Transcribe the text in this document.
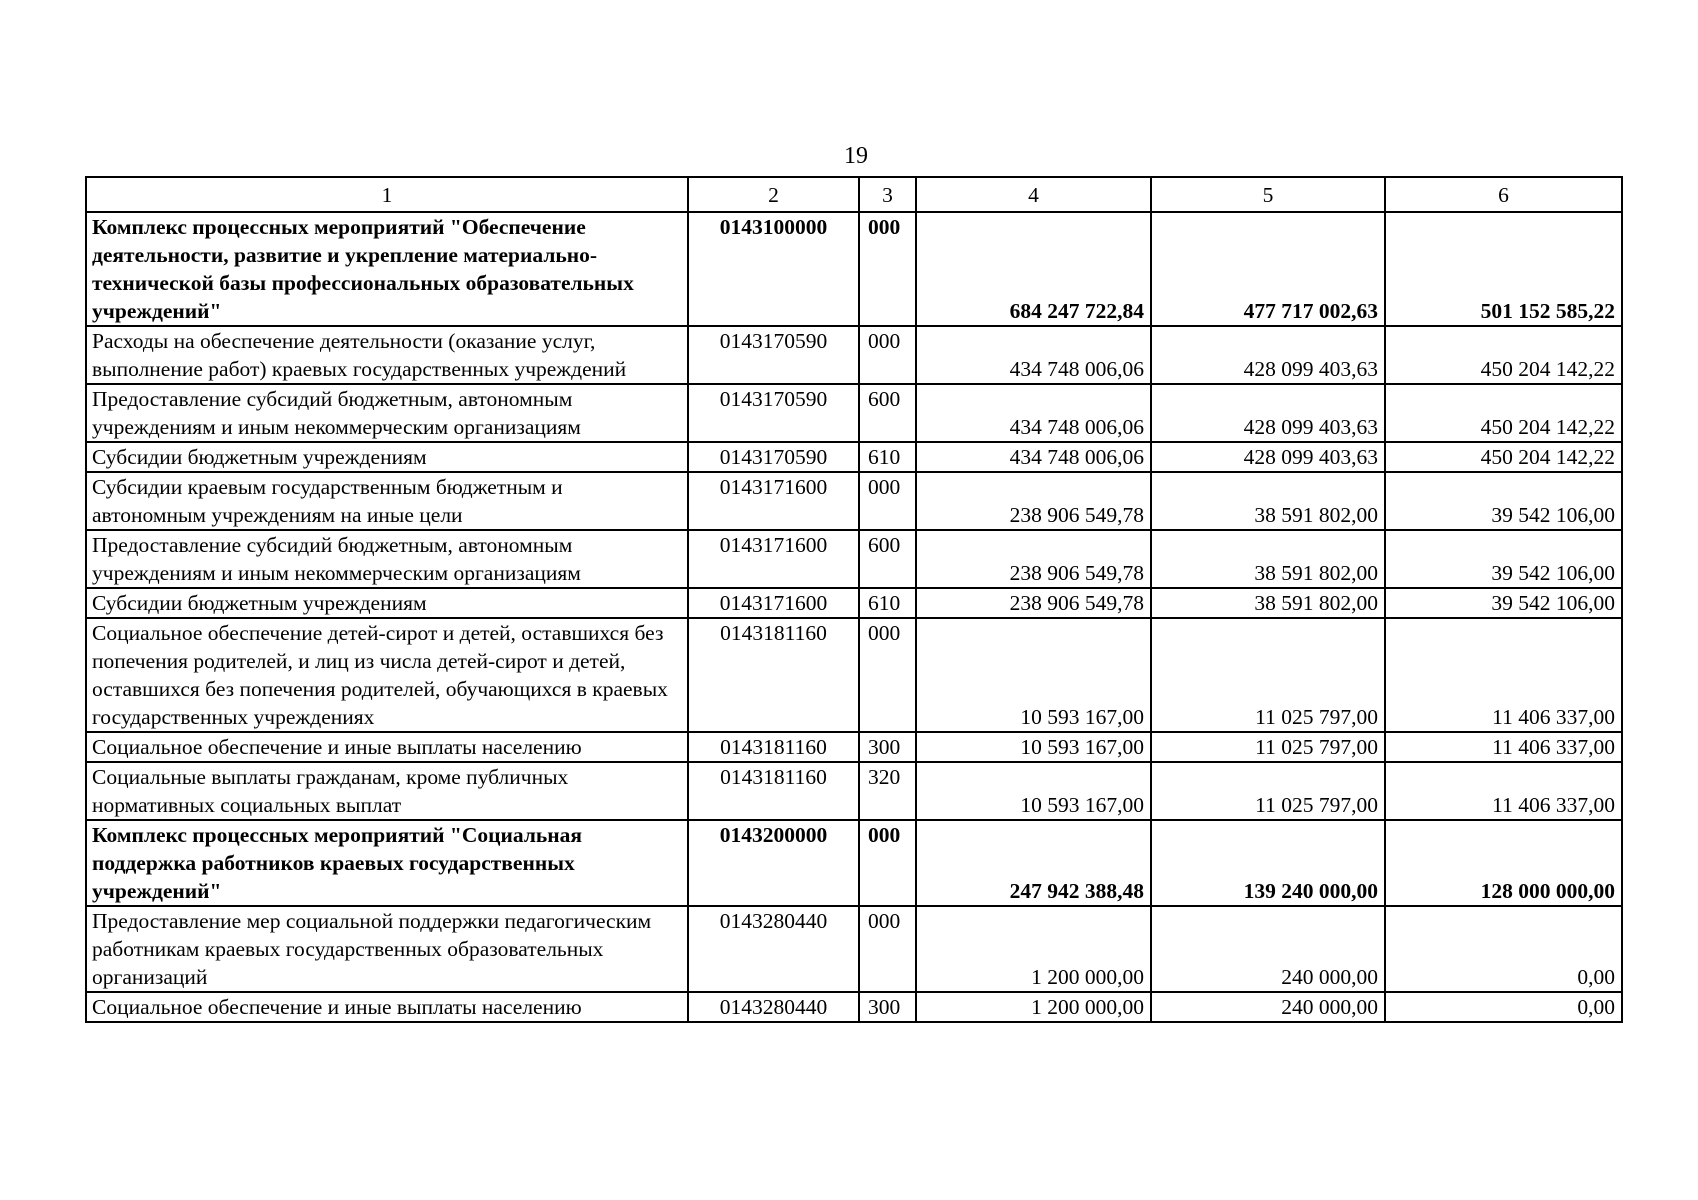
19
1	2	3	4	5	6
Комплекс процессных мероприятий "Обеспечение деятельности, развитие и укрепление материально-технической базы профессиональных образовательных учреждений"	0143100000	000	684 247 722,84	477 717 002,63	501 152 585,22
Расходы на обеспечение деятельности (оказание услуг, выполнение работ) краевых государственных учреждений	0143170590	000	434 748 006,06	428 099 403,63	450 204 142,22
Предоставление субсидий бюджетным, автономным учреждениям и иным некоммерческим организациям	0143170590	600	434 748 006,06	428 099 403,63	450 204 142,22
Субсидии бюджетным учреждениям	0143170590	610	434 748 006,06	428 099 403,63	450 204 142,22
Субсидии краевым государственным бюджетным и автономным учреждениям на иные цели	0143171600	000	238 906 549,78	38 591 802,00	39 542 106,00
Предоставление субсидий бюджетным, автономным учреждениям и иным некоммерческим организациям	0143171600	600	238 906 549,78	38 591 802,00	39 542 106,00
Субсидии бюджетным учреждениям	0143171600	610	238 906 549,78	38 591 802,00	39 542 106,00
Социальное обеспечение детей-сирот и детей, оставшихся без попечения родителей, и лиц из числа детей-сирот и детей, оставшихся без попечения родителей, обучающихся в краевых государственных учреждениях	0143181160	000	10 593 167,00	11 025 797,00	11 406 337,00
Социальное обеспечение и иные выплаты населению	0143181160	300	10 593 167,00	11 025 797,00	11 406 337,00
Социальные выплаты гражданам, кроме публичных нормативных социальных выплат	0143181160	320	10 593 167,00	11 025 797,00	11 406 337,00
Комплекс процессных мероприятий "Социальная поддержка работников краевых государственных учреждений"	0143200000	000	247 942 388,48	139 240 000,00	128 000 000,00
Предоставление мер социальной поддержки педагогическим работникам краевых государственных образовательных организаций	0143280440	000	1 200 000,00	240 000,00	0,00
Социальное обеспечение и иные выплаты населению	0143280440	300	1 200 000,00	240 000,00	0,00
